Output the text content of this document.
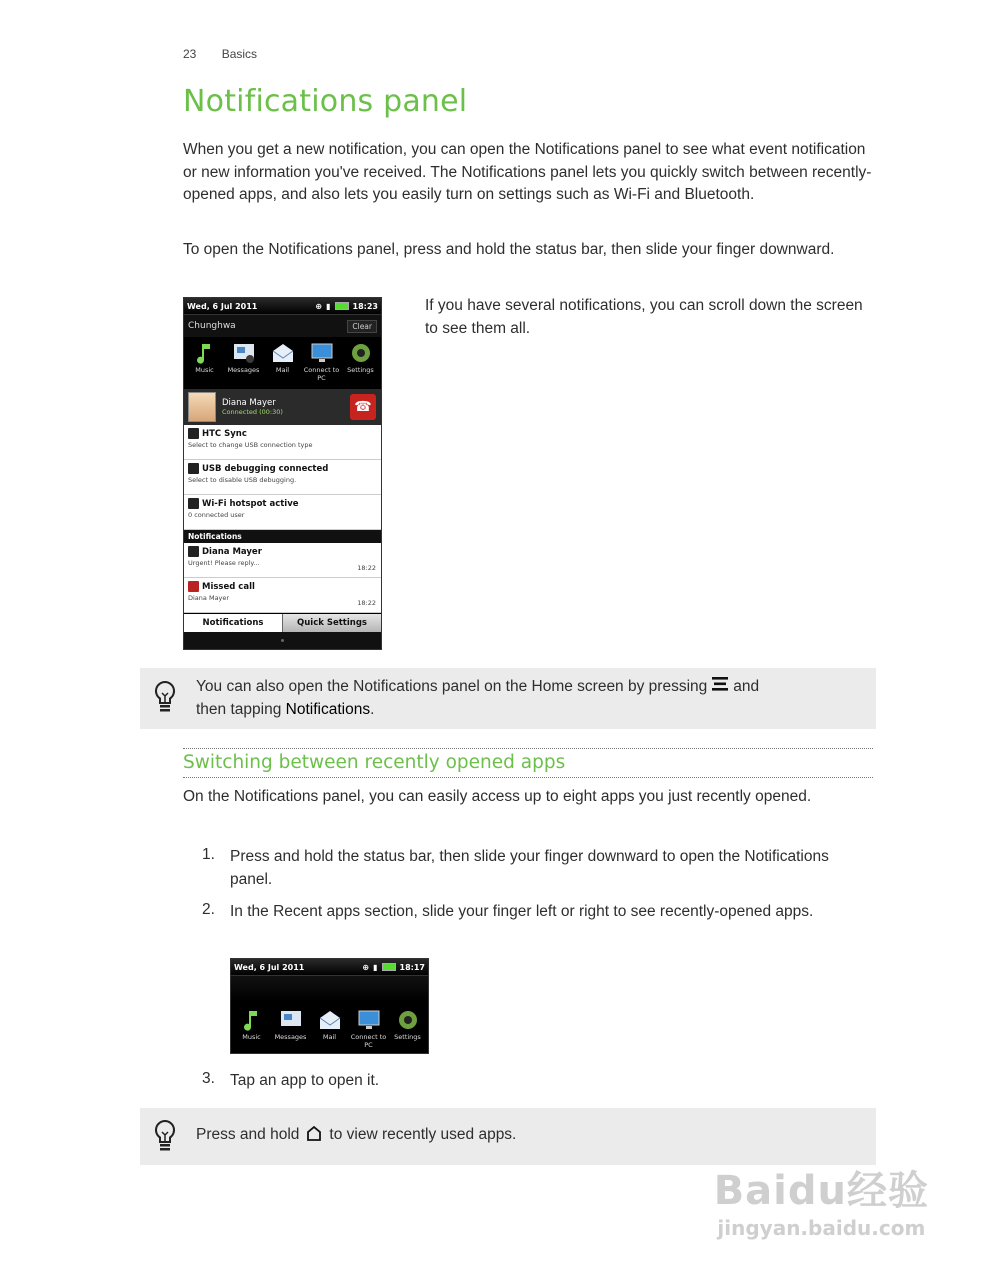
23 Basics
Notifications panel

When you get a new notification, you can open the Notifications panel to see what event notification or new information you've received. The Notifications panel lets you quickly switch between recently-opened apps, and also lets you easily turn on settings such as Wi-Fi and Bluetooth.

To open the Notifications panel, press and hold the status bar, then slide your finger downward.

Wed, 6 Jul 2011	⊕ ▮	18:23
Chunghwa	Clear
Music	Messages	Mail	Connect to PC
Settings
Diana Mayer
Connected (00:30)	☎
HTC Sync
Select to change USB connection type
USB debugging connected
Select to disable USB debugging.
Wi-Fi hotspot active
0 connected user
Notifications
Diana Mayer
Urgent! Please reply...
18:22
Missed call
Diana Mayer
18:22
Notifications	Quick Settings
If you have several notifications, you can scroll down the screen to see them all.
You can also open the Notifications panel on the Home screen by pressing and
then tapping Notifications.
Switching between recently opened apps

On the Notifications panel, you can easily access up to eight apps you just recently opened.

1. Press and hold the status bar, then slide your finger downward to open the Notifications panel.
2. In the Recent apps section, slide your finger left or right to see recently-opened apps.
Wed, 6 Jul 2011	⊕ ▮	18:17
Music	Messages	Mail	Connect to PC
Settings
3. Tap an app to open it.
Press and hold to view recently used apps.
Baidu经验
jingyan.baidu.com
